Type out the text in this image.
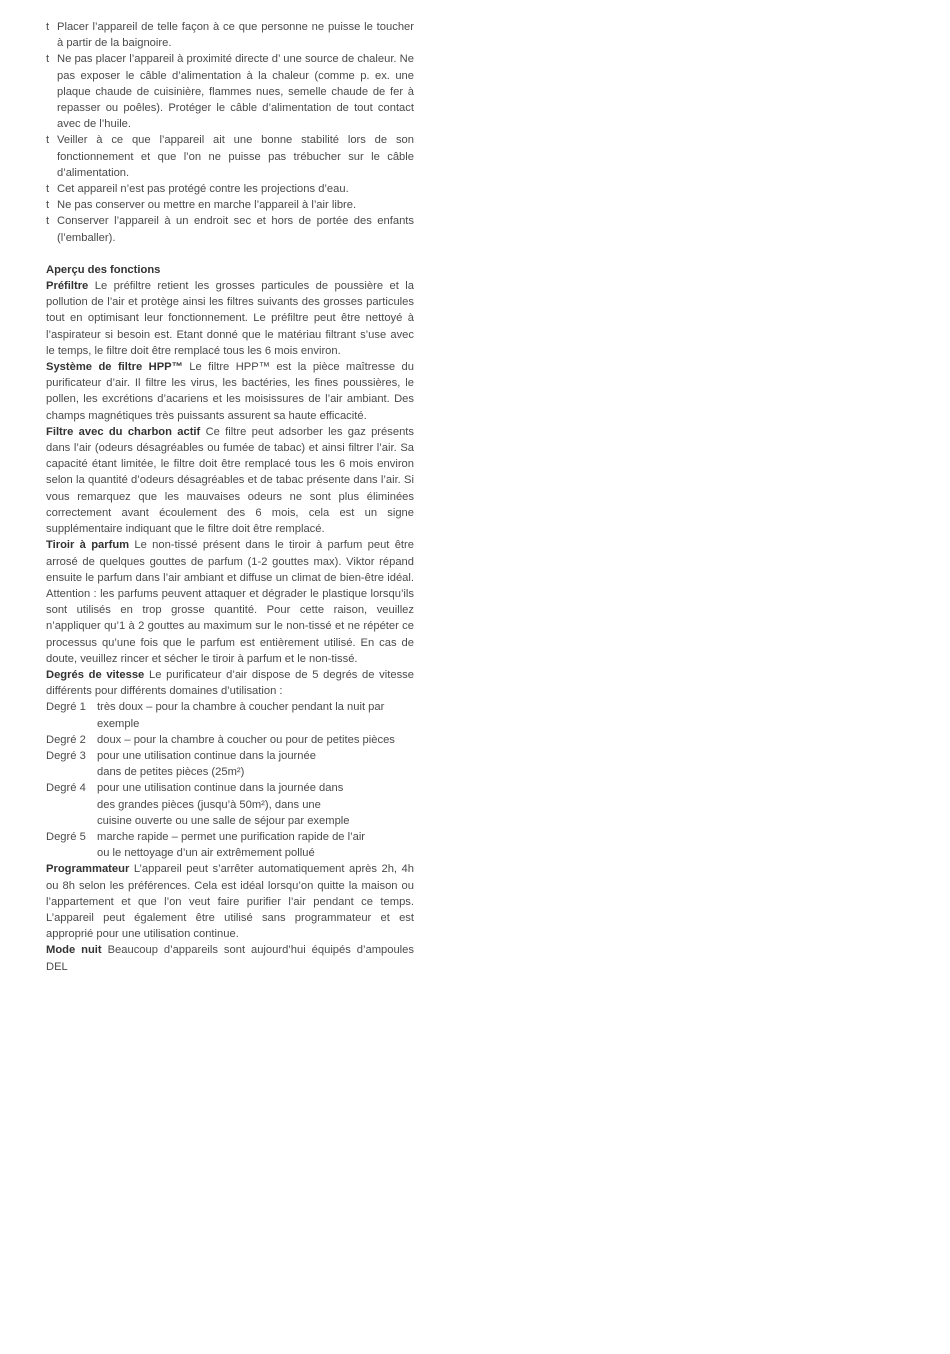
t Placer l’appareil de telle façon à ce que personne ne puisse le toucher à partir de la baignoire.
t Ne pas placer l’appareil à proximité directe d’ une source de chaleur. Ne pas exposer le câble d’alimentation à la chaleur (comme p. ex. une plaque chaude de cuisinière, flammes nues, semelle chaude de fer à repasser ou poêles). Protéger le câble d’alimentation de tout contact avec de l’huile.
t Veiller à ce que l’appareil ait une bonne stabilité lors de son fonctionnement et que l’on ne puisse pas trébucher sur le câble d’alimentation.
t Cet appareil n’est pas protégé contre les projections d’eau.
t Ne pas conserver ou mettre en marche l’appareil à l’air libre.
t Conserver l’appareil à un endroit sec et hors de portée des enfants (l’emballer).
Aperçu des fonctions

Préfiltre Le préfiltre retient les grosses particules de poussière et la pollution de l’air et protège ainsi les filtres suivants des grosses particules tout en optimisant leur fonctionnement. Le préfiltre peut être nettoyé à l’aspirateur si besoin est. Etant donné que le matériau filtrant s’use avec le temps, le filtre doit être remplacé tous les 6 mois environ.

Système de filtre HPP™ Le filtre HPP™ est la pièce maîtresse du purificateur d’air. Il filtre les virus, les bactéries, les fines poussières, le pollen, les excrétions d’acariens et les moisissures de l’air ambiant. Des champs magnétiques très puissants assurent sa haute efficacité.

Filtre avec du charbon actif Ce filtre peut adsorber les gaz présents dans l’air (odeurs désagréables ou fumée de tabac) et ainsi filtrer l’air. Sa capacité étant limitée, le filtre doit être remplacé tous les 6 mois environ selon la quantité d’odeurs désagréables et de tabac présente dans l’air. Si vous remarquez que les mauvaises odeurs ne sont plus éliminées correctement avant écoulement des 6 mois, cela est un signe supplémentaire indiquant que le filtre doit être remplacé.

Tiroir à parfum Le non-tissé présent dans le tiroir à parfum peut être arrosé de quelques gouttes de parfum (1-2 gouttes max). Viktor répand ensuite le parfum dans l’air ambiant et diffuse un climat de bien-être idéal. Attention : les parfums peuvent attaquer et dégrader le plastique lorsqu’ils sont utilisés en trop grosse quantité. Pour cette raison, veuillez n’appliquer qu’1 à 2 gouttes au maximum sur le non-tissé et ne répéter ce processus qu’une fois que le parfum est entièrement utilisé. En cas de doute, veuillez rincer et sécher le tiroir à parfum et le non-tissé.

Degrés de vitesse Le purificateur d’air dispose de 5 degrés de vitesse différents pour différents domaines d’utilisation :

Degré 1 très doux – pour la chambre à coucher pendant la nuit par exemple
Degré 2 doux – pour la chambre à coucher ou pour de petites pièces
Degré 3 pour une utilisation continue dans la journée dans de petites pièces (25m²)
Degré 4 pour une utilisation continue dans la journée dans des grandes pièces (jusqu’à 50m²), dans une cuisine ouverte ou une salle de séjour par exemple
Degré 5 marche rapide – permet une purification rapide de l’air ou le nettoyage d’un air extrêmement pollué

Programmateur L’appareil peut s’arrêter automatiquement après 2h, 4h ou 8h selon les préférences. Cela est idéal lorsqu’on quitte la maison ou l’appartement et que l’on veut faire purifier l’air pendant ce temps. L’appareil peut également être utilisé sans programmateur et est approprié pour une utilisation continue.

Mode nuit Beaucoup d’appareils sont aujourd’hui équipés d’ampoules DEL
